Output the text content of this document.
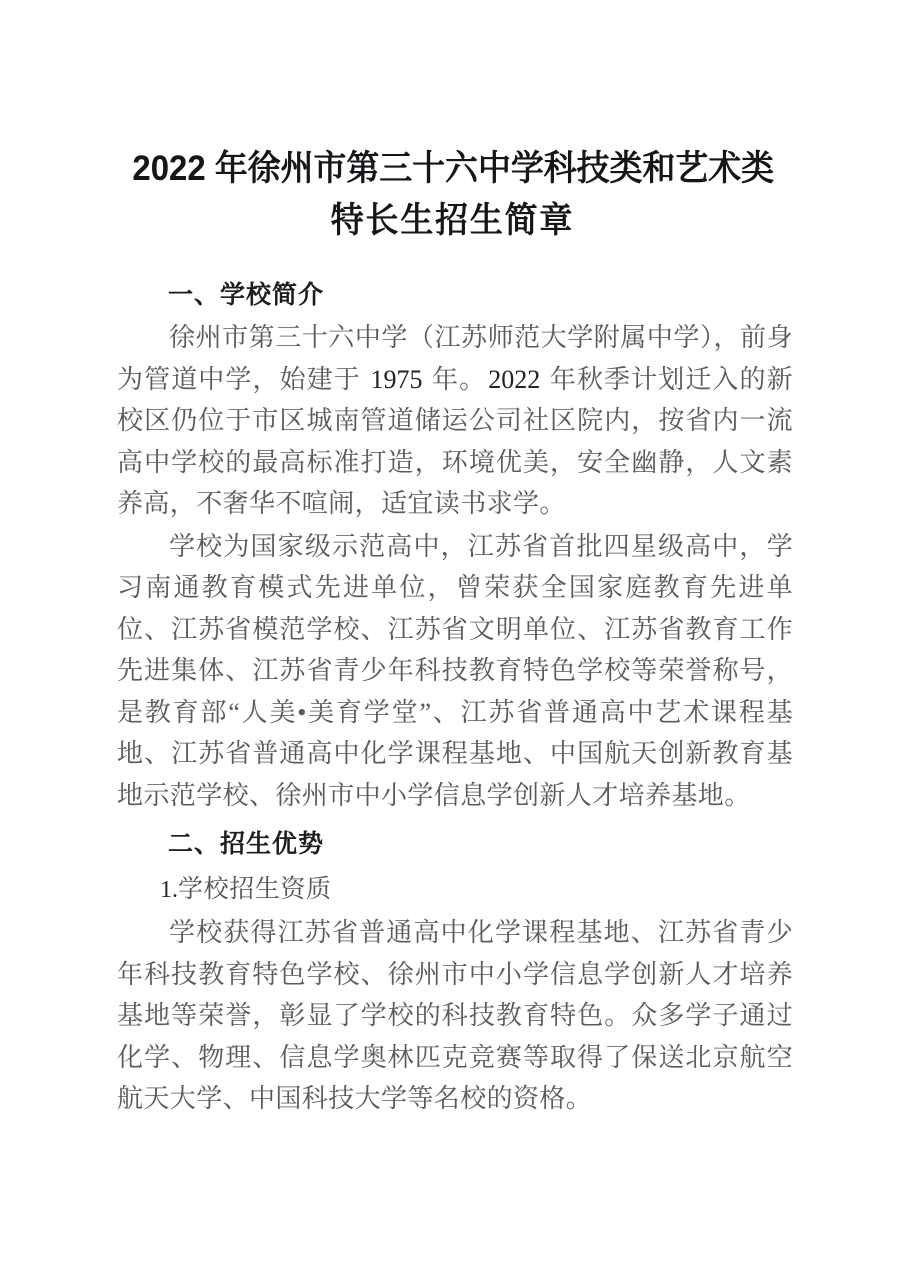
2022 年徐州市第三十六中学科技类和艺术类
特长生招生简章
一、学校简介

徐州市第三十六中学（江苏师范大学附属中学），前身为管道中学，始建于 1975 年。2022 年秋季计划迁入的新校区仍位于市区城南管道储运公司社区院内，按省内一流高中学校的最高标准打造，环境优美，安全幽静，人文素养高，不奢华不喧闹，适宜读书求学。

学校为国家级示范高中，江苏省首批四星级高中，学习南通教育模式先进单位，曾荣获全国家庭教育先进单位、江苏省模范学校、江苏省文明单位、江苏省教育工作先进集体、江苏省青少年科技教育特色学校等荣誉称号，是教育部“人美•美育学堂”、江苏省普通高中艺术课程基地、江苏省普通高中化学课程基地、中国航天创新教育基地示范学校、徐州市中小学信息学创新人才培养基地。

二、招生优势

1.学校招生资质

学校获得江苏省普通高中化学课程基地、江苏省青少年科技教育特色学校、徐州市中小学信息学创新人才培养基地等荣誉，彰显了学校的科技教育特色。众多学子通过化学、物理、信息学奥林匹克竞赛等取得了保送北京航空航天大学、中国科技大学等名校的资格。
